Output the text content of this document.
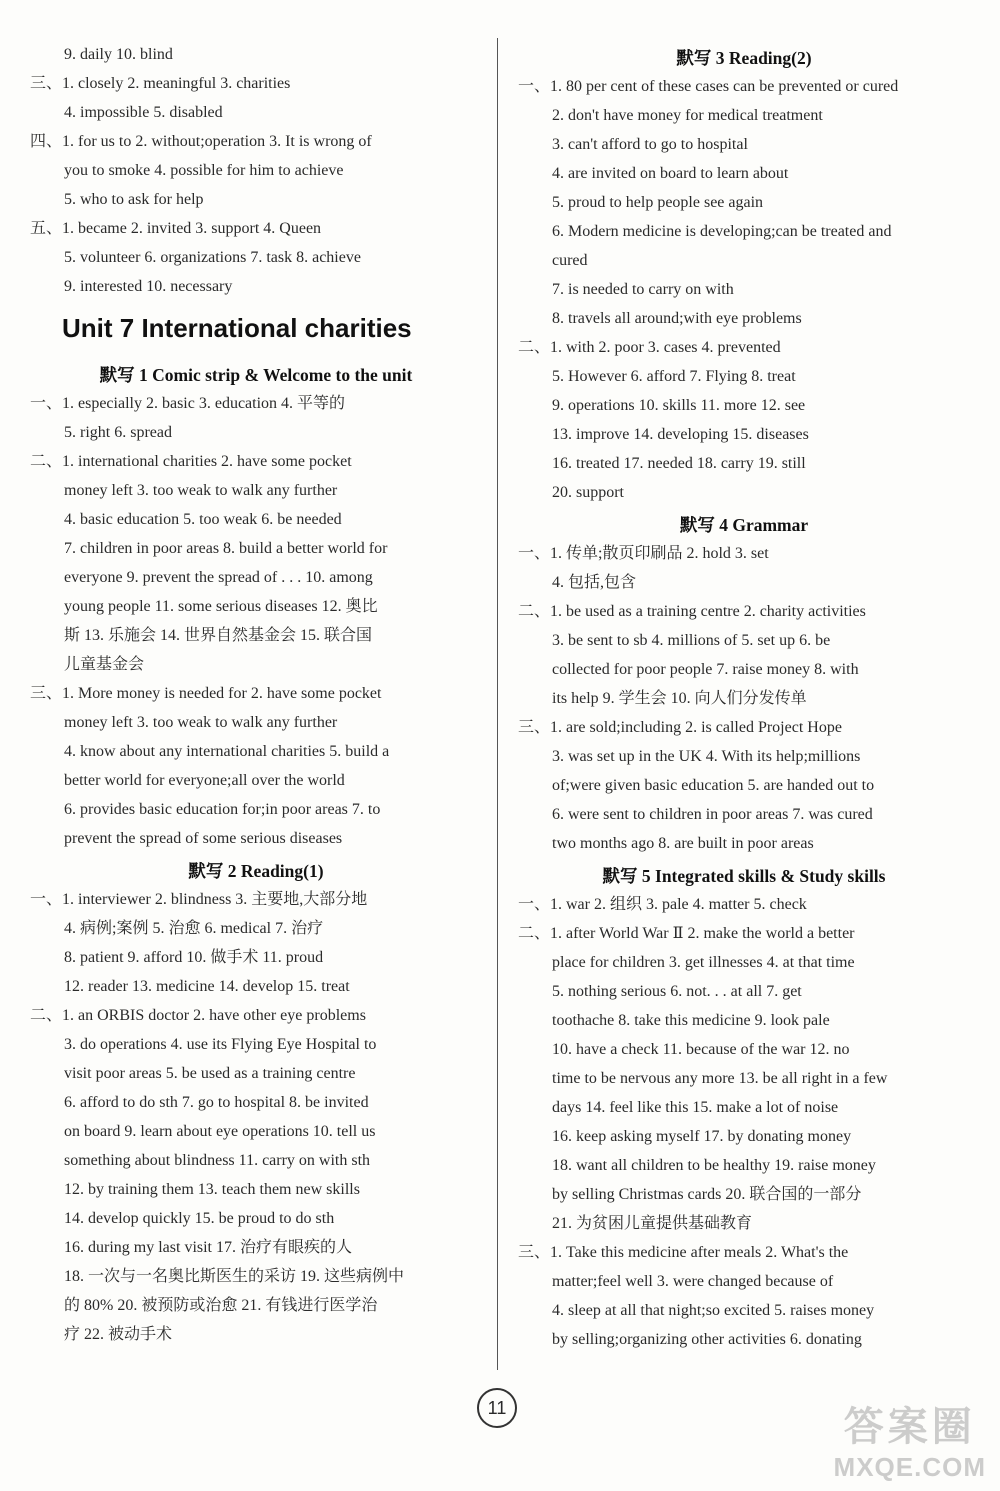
9. daily 10. blind
三、1. closely 2. meaningful 3. charities
4. impossible 5. disabled
四、1. for us to 2. without;operation 3. It is wrong of
you to smoke 4. possible for him to achieve
5. who to ask for help
五、1. became 2. invited 3. support 4. Queen
5. volunteer 6. organizations 7. task 8. achieve
9. interested 10. necessary
Unit 7 International charities
默写 1 Comic strip & Welcome to the unit
一、1. especially 2. basic 3. education 4. 平等的
5. right 6. spread
二、1. international charities 2. have some pocket
money left 3. too weak to walk any further
4. basic education 5. too weak 6. be needed
7. children in poor areas 8. build a better world for
everyone 9. prevent the spread of . . . 10. among
young people 11. some serious diseases 12. 奥比
斯 13. 乐施会 14. 世界自然基金会 15. 联合国
儿童基金会
三、1. More money is needed for 2. have some pocket
money left 3. too weak to walk any further
4. know about any international charities 5. build a
better world for everyone;all over the world
6. provides basic education for;in poor areas 7. to
prevent the spread of some serious diseases
默写 2 Reading(1)
一、1. interviewer 2. blindness 3. 主要地,大部分地
4. 病例;案例 5. 治愈 6. medical 7. 治疗
8. patient 9. afford 10. 做手术 11. proud
12. reader 13. medicine 14. develop 15. treat
二、1. an ORBIS doctor 2. have other eye problems
3. do operations 4. use its Flying Eye Hospital to
visit poor areas 5. be used as a training centre
6. afford to do sth 7. go to hospital 8. be invited
on board 9. learn about eye operations 10. tell us
something about blindness 11. carry on with sth
12. by training them 13. teach them new skills
14. develop quickly 15. be proud to do sth
16. during my last visit 17. 治疗有眼疾的人
18. 一次与一名奥比斯医生的采访 19. 这些病例中
的 80% 20. 被预防或治愈 21. 有钱进行医学治
疗 22. 被动手术
默写 3 Reading(2)
一、1. 80 per cent of these cases can be prevented or cured
2. don't have money for medical treatment
3. can't afford to go to hospital
4. are invited on board to learn about
5. proud to help people see again
6. Modern medicine is developing;can be treated and
cured
7. is needed to carry on with
8. travels all around;with eye problems
二、1. with 2. poor 3. cases 4. prevented
5. However 6. afford 7. Flying 8. treat
9. operations 10. skills 11. more 12. see
13. improve 14. developing 15. diseases
16. treated 17. needed 18. carry 19. still
20. support
默写 4 Grammar
一、1. 传单;散页印刷品 2. hold 3. set
4. 包括,包含
二、1. be used as a training centre 2. charity activities
3. be sent to sb 4. millions of 5. set up 6. be
collected for poor people 7. raise money 8. with
its help 9. 学生会 10. 向人们分发传单
三、1. are sold;including 2. is called Project Hope
3. was set up in the UK 4. With its help;millions
of;were given basic education 5. are handed out to
6. were sent to children in poor areas 7. was cured
two months ago 8. are built in poor areas
默写 5 Integrated skills & Study skills
一、1. war 2. 组织 3. pale 4. matter 5. check
二、1. after World War Ⅱ 2. make the world a better
place for children 3. get illnesses 4. at that time
5. nothing serious 6. not. . . at all 7. get
toothache 8. take this medicine 9. look pale
10. have a check 11. because of the war 12. no
time to be nervous any more 13. be all right in a few
days 14. feel like this 15. make a lot of noise
16. keep asking myself 17. by donating money
18. want all children to be healthy 19. raise money
by selling Christmas cards 20. 联合国的一部分
21. 为贫困儿童提供基础教育
三、1. Take this medicine after meals 2. What's the
matter;feel well 3. were changed because of
4. sleep at all that night;so excited 5. raises money
by selling;organizing other activities 6. donating
11	答案圈
MXQE.COM
